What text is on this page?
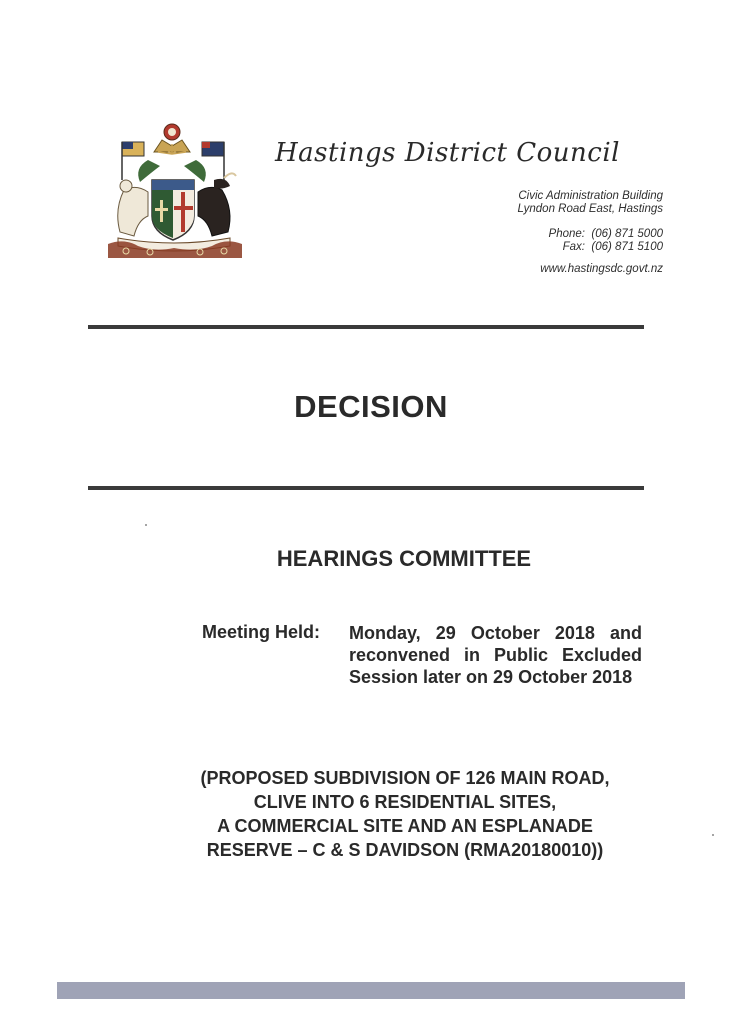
Hastings District Council
Civic Administration Building
Lyndon Road East, Hastings
Phone:  (06) 871 5000
Fax:  (06) 871 5100
www.hastingsdc.govt.nz
DECISION
HEARINGS COMMITTEE
Meeting Held: Monday, 29 October 2018 and reconvened in Public Excluded Session later on 29 October 2018
(PROPOSED SUBDIVISION OF 126 MAIN ROAD,
CLIVE INTO 6 RESIDENTIAL SITES,
A COMMERCIAL SITE AND AN ESPLANADE
RESERVE – C & S DAVIDSON (RMA20180010))
